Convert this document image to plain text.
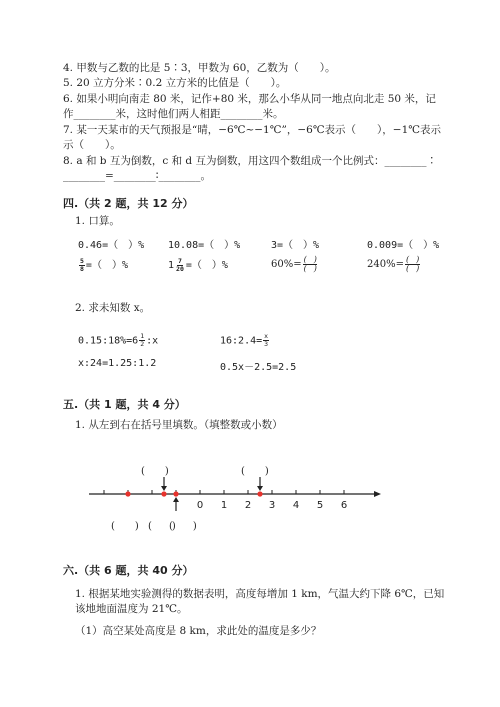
4. 甲数与乙数的比是 5∶3，甲数为 60，乙数为（　　）。
5. 20 立方分米∶0.2 立方米的比值是（　　）。
6. 如果小明向南走 80 米，记作+80 米，那么小华从同一地点向北走 50 米，记
作________米，这时他们两人相距________米。
7. 某一天某市的天气预报是“晴，−6℃~−1℃”，−6℃表示（　　），−1℃表示
示（　　）。
8. a 和 b 互为倒数，c 和 d 互为倒数，用这四个数组成一个比例式：________∶
________=________∶________。
四.（共 2 题，共 12 分）
1. 口算。
0.46=（　）% 10.08=（　）%	3=（　）%	0.009=（　）%
$\frac{5}{8}$ =（　）%	$1 \frac{7}{20}$ =（　）%	$60\%= \frac{( )}{( )}$	$240\%= \frac{( )}{( )}$
2. 求未知数 x。
0.15:18%=6 $\frac{1}{2}$ :x	16:2.4= $\frac{x}{3}$
x:24=1.25:1.2	0.5x－2.5=2.5
五.（共 1 题，共 4 分）
1. 从左到右在括号里填数。（填整数或小数）
(　　)	(　　)
0 1 2 3 4 5 6
(　　) (　　)
(　　)
六.（共 6 题，共 40 分）
1. 根据某地实验测得的数据表明，高度每增加 1 km，气温大约下降 6℃，已知
该地地面温度为 21℃。
（1）高空某处高度是 8 km，求此处的温度是多少？
